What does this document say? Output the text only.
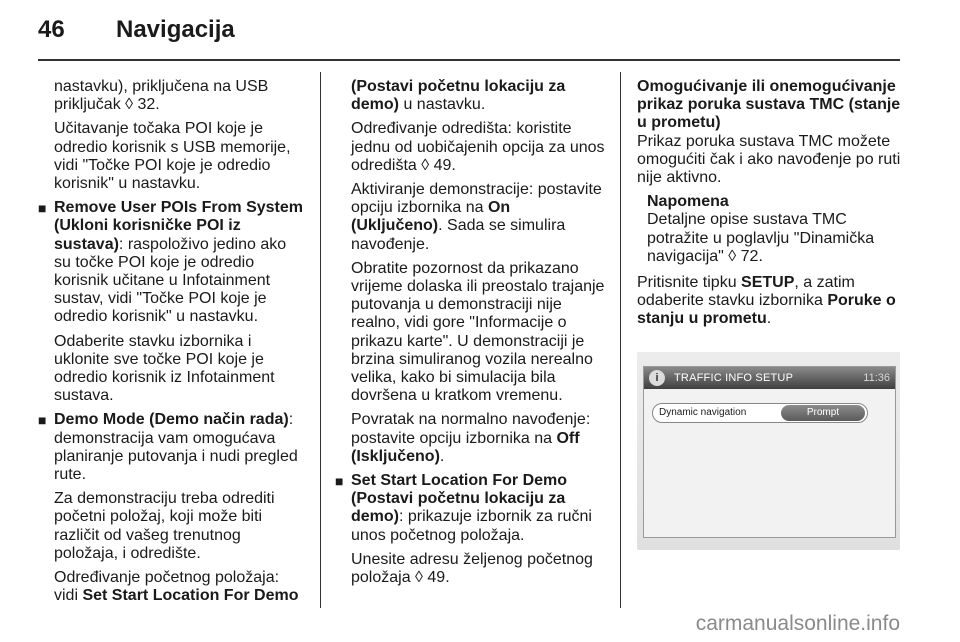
46 Navigacija

nastavku), priključena na USB priključak ◊ 32.

Učitavanje točaka POI koje je odredio korisnik s USB memorije, vidi "Točke POI koje je odredio korisnik" u nastavku.

■ Remove User POIs From System (Ukloni korisničke POI iz sustava): raspoloživo jedino ako su točke POI koje je odredio korisnik učitane u Infotainment sustav, vidi "Točke POI koje je odredio korisnik" u nastavku.

Odaberite stavku izbornika i uklonite sve točke POI koje je odredio korisnik iz Infotainment sustava.

■ Demo Mode (Demo način rada): demonstracija vam omogućava planiranje putovanja i nudi pregled rute.

Za demonstraciju treba odrediti početni položaj, koji može biti različit od vašeg trenutnog položaja, i odredište.

Određivanje početnog položaja: vidi Set Start Location For Demo

(Postavi početnu lokaciju za demo) u nastavku.

Određivanje odredišta: koristite jednu od uobičajenih opcija za unos odredišta ◊ 49.

Aktiviranje demonstracije: postavite opciju izbornika na On (Uključeno). Sada se simulira navođenje.

Obratite pozornost da prikazano vrijeme dolaska ili preostalo trajanje putovanja u demonstraciji nije realno, vidi gore "Informacije o prikazu karte". U demonstraciji je brzina simuliranog vozila nerealno velika, kako bi simulacija bila dovršena u kratkom vremenu.

Povratak na normalno navođenje: postavite opciju izbornika na Off (Isključeno).

■ Set Start Location For Demo (Postavi početnu lokaciju za demo): prikazuje izbornik za ručni unos početnog položaja.

Unesite adresu željenog početnog položaja ◊ 49.

Omogućivanje ili onemogućivanje prikaz poruka sustava TMC (stanje u prometu)

Prikaz poruka sustava TMC možete omogućiti čak i ako navođenje po ruti nije aktivno.

Napomena
Detaljne opise sustava TMC potražite u poglavlju "Dinamička navigacija" ◊ 72.

Pritisnite tipku SETUP, a zatim odaberite stavku izbornika Poruke o stanju u prometu.

i	TRAFFIC INFO SETUP	11:36
Dynamic navigation	Prompt
carmanualsonline.info
